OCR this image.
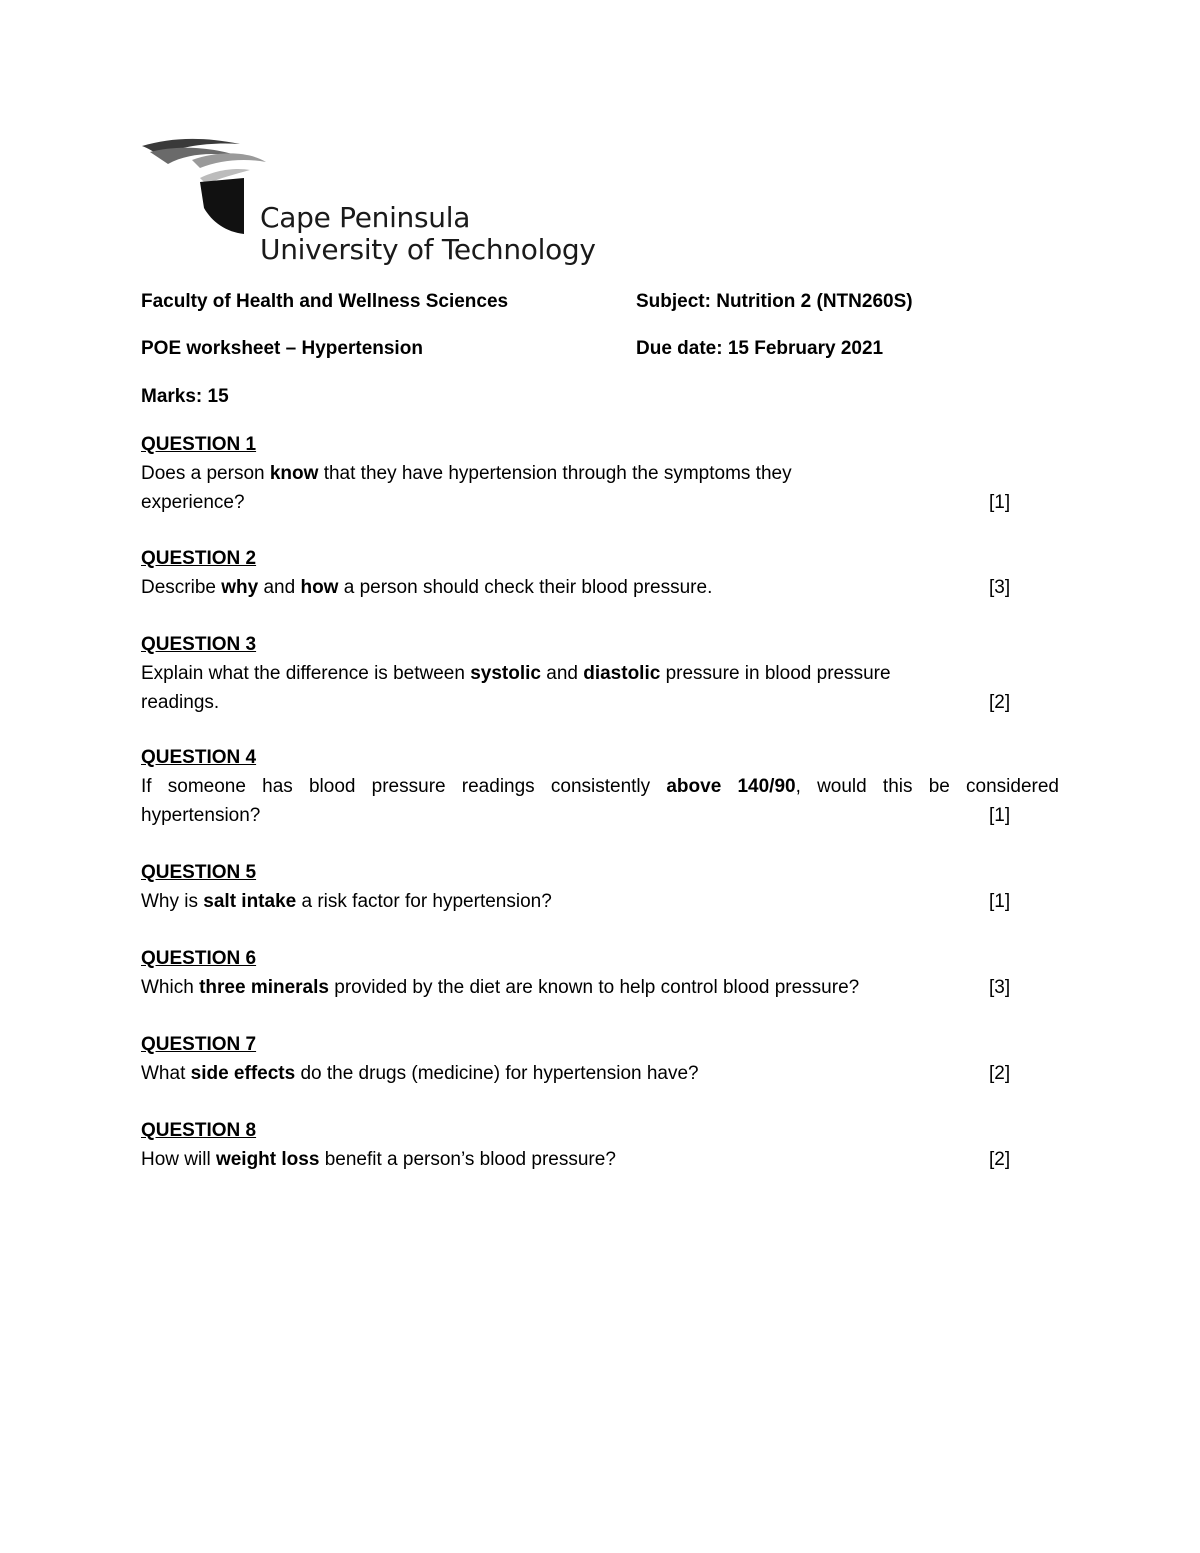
Cape Peninsula
University of Technology
Faculty of Health and Wellness Sciences	Subject: Nutrition 2 (NTN260S)
POE worksheet – Hypertension	Due date: 15 February 2021
Marks: 15
QUESTION 1
Does a person know that they have hypertension through the symptoms they
experience?	[1]
QUESTION 2
Describe why and how a person should check their blood pressure.	[3]
QUESTION 3
Explain what the difference is between systolic and diastolic pressure in blood pressure
readings.	[2]
QUESTION 4
If someone has blood pressure readings consistently above 140/90, would this be considered
hypertension?	[1]
QUESTION 5
Why is salt intake a risk factor for hypertension?	[1]
QUESTION 6
Which three minerals provided by the diet are known to help control blood pressure?	[3]
QUESTION 7
What side effects do the drugs (medicine) for hypertension have?	[2]
QUESTION 8
How will weight loss benefit a person’s blood pressure?	[2]
